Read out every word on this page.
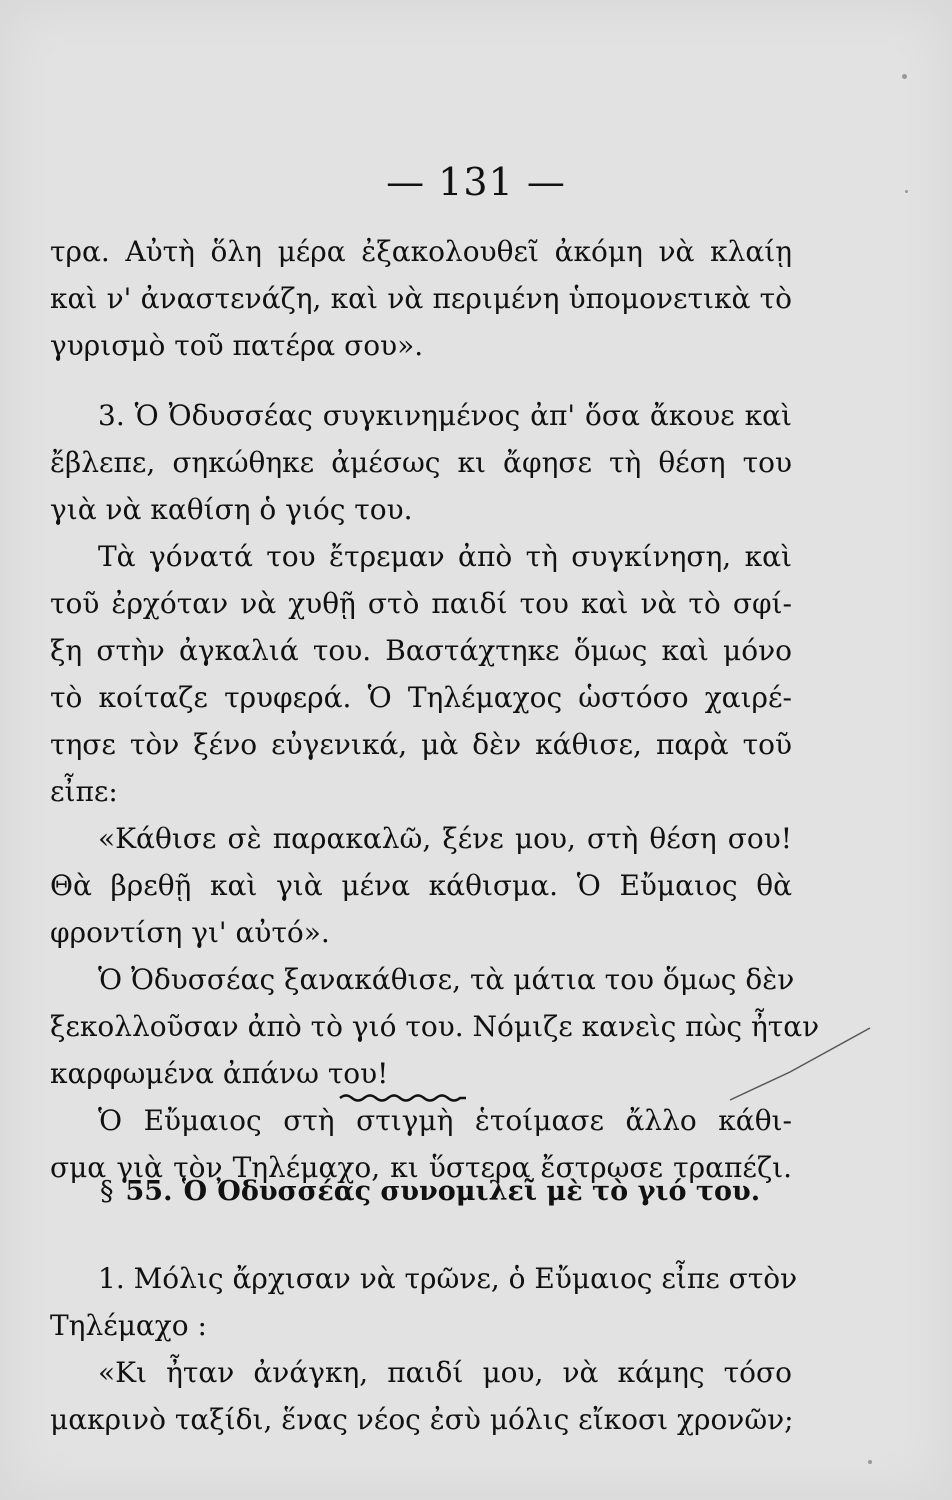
— 131 —
τρα. Αὐτὴ ὅλη μέρα ἐξακολουθεῖ ἀκόμη νὰ κλαίῃ
καὶ ν' ἀναστενάζη, καὶ νὰ περιμένη ὑπομονετικὰ τὸ
γυρισμὸ τοῦ πατέρα σου».
3. Ὁ Ὀδυσσέας συγκινημένος ἀπ' ὅσα ἄκουε καὶ
ἔβλεπε, σηκώθηκε ἀμέσως κι ἄφησε τὴ θέση του
γιὰ νὰ καθίση ὁ γιός του.
Τὰ γόνατά του ἔτρεμαν ἀπὸ τὴ συγκίνηση, καὶ
τοῦ ἐρχόταν νὰ χυθῇ στὸ παιδί του καὶ νὰ τὸ σφί-
ξη στὴν ἀγκαλιά του. Βαστάχτηκε ὅμως καὶ μόνο
τὸ κοίταζε τρυφερά. Ὁ Τηλέμαχος ὡστόσο χαιρέ-
τησε τὸν ξένο εὐγενικά, μὰ δὲν κάθισε, παρὰ τοῦ
εἶπε:
«Κάθισε σὲ παρακαλῶ, ξένε μου, στὴ θέση σου!
Θὰ βρεθῇ καὶ γιὰ μένα κάθισμα. Ὁ Εὔμαιος θὰ
φροντίση γι' αὐτό».
Ὁ Ὀδυσσέας ξανακάθισε, τὰ μάτια του ὅμως δὲν
ξεκολλοῦσαν ἀπὸ τὸ γιό του. Νόμιζε κανεὶς πὼς ἦταν
καρφωμένα ἀπάνω του!
Ὁ Εὔμαιος στὴ στιγμὴ ἑτοίμασε ἄλλο κάθι-
σμα γιὰ τὸν Τηλέμαχο, κι ὕστερα ἔστρωσε τραπέζι.
§ 55. Ὁ Ὀδυσσέας συνομιλεῖ μὲ τὸ γιό του.
1. Μόλις ἄρχισαν νὰ τρῶνε, ὁ Εὔμαιος εἶπε στὸν
Τηλέμαχο :
«Κι ἦταν ἀνάγκη, παιδί μου, νὰ κάμης τόσο
μακρινὸ ταξίδι, ἕνας νέος ἐσὺ μόλις εἴκοσι χρονῶν;
